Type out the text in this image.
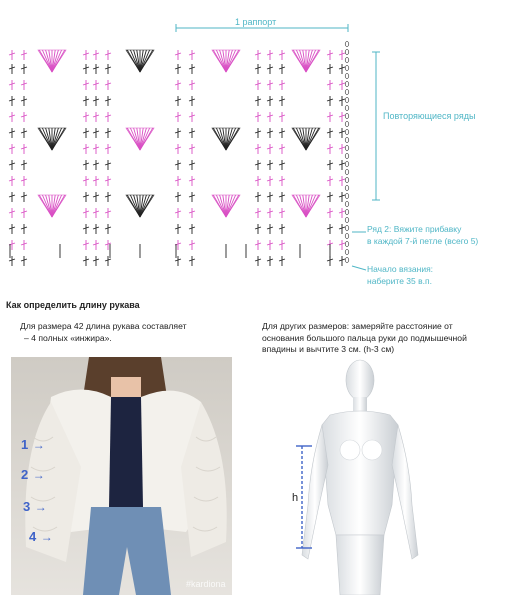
1 раппорт
Повторяющиеся ряды
Ряд 2: Вяжите прибавку
в каждой 7-й петле (всего 5)
Начало вязания:
наберите 35 в.п.
Как определить длину рукава
Для размера 42 длина рукава составляет
– 4 полных «инжира».
Для других размеров: замеряйте расстояние от
основания большого пальца руки до подмышечной
впадины и вычтите 3 см. (h-3 см)
#kardiona
1 →
2 →
3 →
4 →
h
